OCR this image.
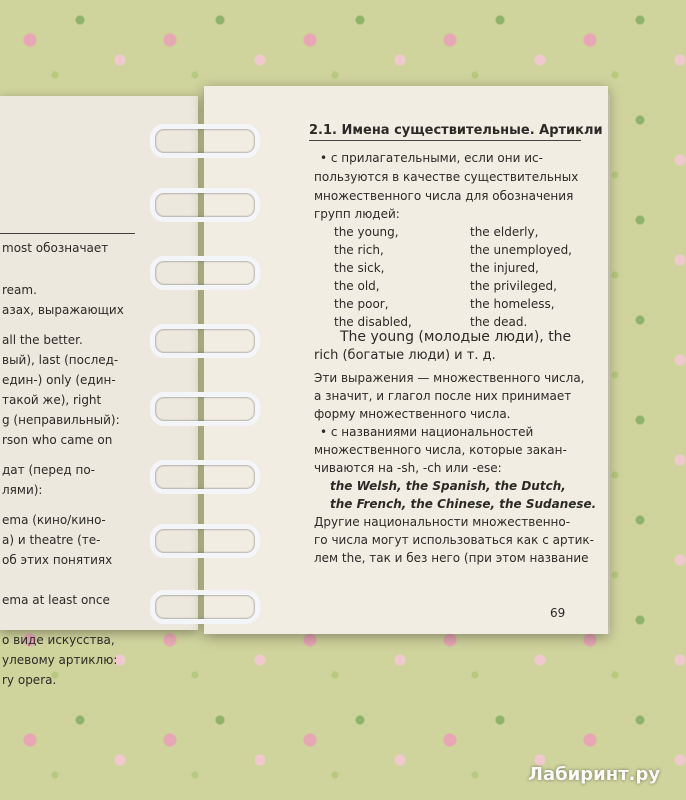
most обозначает
ream.
азах, выражающих
all the better.
вый), last (послед-
един-) only (един-
такой же), right
g (неправильный):
rson who came on
дат (перед по-
лями):
ema (кино/кино-
а) и theatre (те-
об этих понятиях
ema at least once
о виде искусства,
улевому артиклю:
ry opera.
2.1. Имена существительные. Артикли
• с прилагательными, если они ис-
пользуются в качестве существительных
множественного числа для обозначения
групп людей:
the young,	the elderly,
the rich,	the unemployed,
the sick,	the injured,
the old,	the privileged,
the poor,	the homeless,
the disabled,	the dead.
The young (молодые люди), the
rich (богатые люди) и т. д.
Эти выражения — множественного числа,
а значит, и глагол после них принимает
форму множественного числа.
• с названиями национальностей
множественного числа, которые закан-
чиваются на -sh, -ch или -ese:
the Welsh, the Spanish, the Dutch,
the French, the Chinese, the Sudanese.
Другие национальности множественно-
го числа могут использоваться как с артик-
лем the, так и без него (при этом название
69
Лабиринт.ру
